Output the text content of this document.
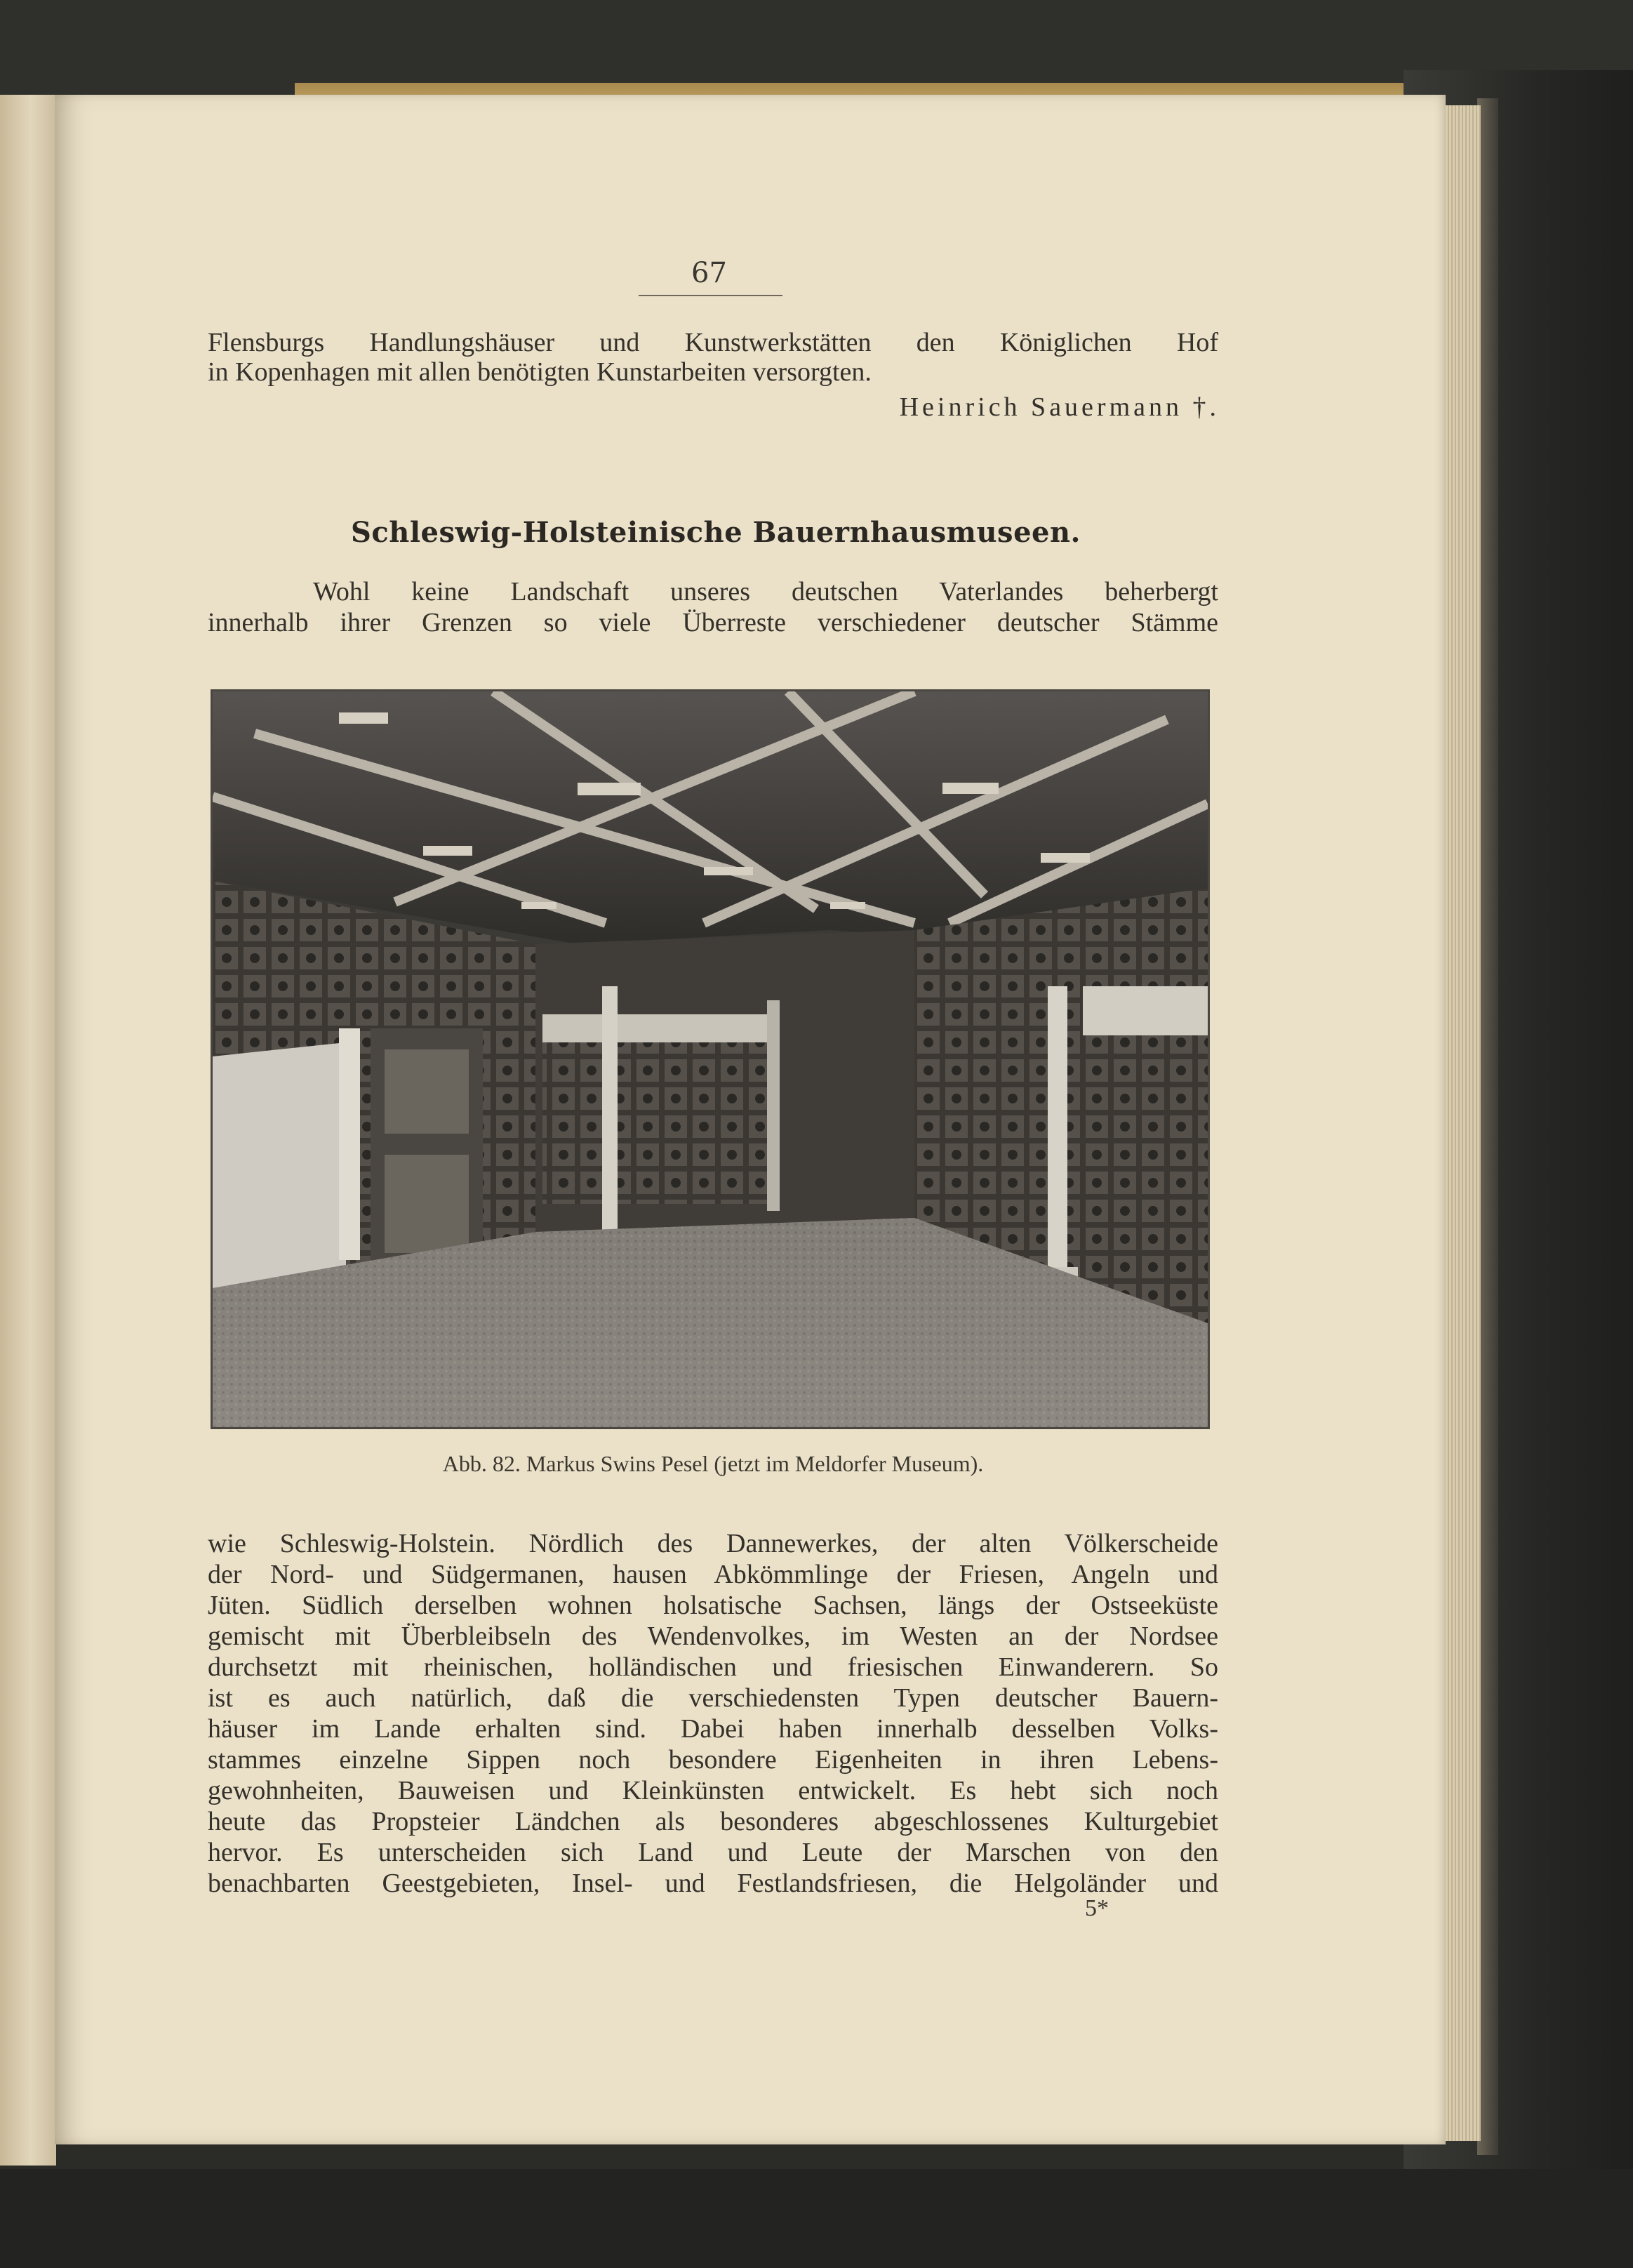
67
Flensburgs Handlungshäuser und Kunstwerkstätten den Königlichen Hof
in Kopenhagen mit allen benötigten Kunstarbeiten versorgten.
Heinrich Sauermann †.
Schleswig-Holsteinische Bauernhausmuseen.
Wohl keine Landschaft unseres deutschen Vaterlandes beherbergt
innerhalb ihrer Grenzen so viele Überreste verschiedener deutscher Stämme
Abb. 82. Markus Swins Pesel (jetzt im Meldorfer Museum).
wie Schleswig-Holstein. Nördlich des Dannewerkes, der alten Völkerscheide
der Nord- und Südgermanen, hausen Abkömmlinge der Friesen, Angeln und
Jüten. Südlich derselben wohnen holsatische Sachsen, längs der Ostseeküste
gemischt mit Überbleibseln des Wendenvolkes, im Westen an der Nordsee
durchsetzt mit rheinischen, holländischen und friesischen Einwanderern. So
ist es auch natürlich, daß die verschiedensten Typen deutscher Bauern-
häuser im Lande erhalten sind. Dabei haben innerhalb desselben Volks-
stammes einzelne Sippen noch besondere Eigenheiten in ihren Lebens-
gewohnheiten, Bauweisen und Kleinkünsten entwickelt. Es hebt sich noch
heute das Propsteier Ländchen als besonderes abgeschlossenes Kulturgebiet
hervor. Es unterscheiden sich Land und Leute der Marschen von den
benachbarten Geestgebieten, Insel- und Festlandsfriesen, die Helgoländer und
5*
